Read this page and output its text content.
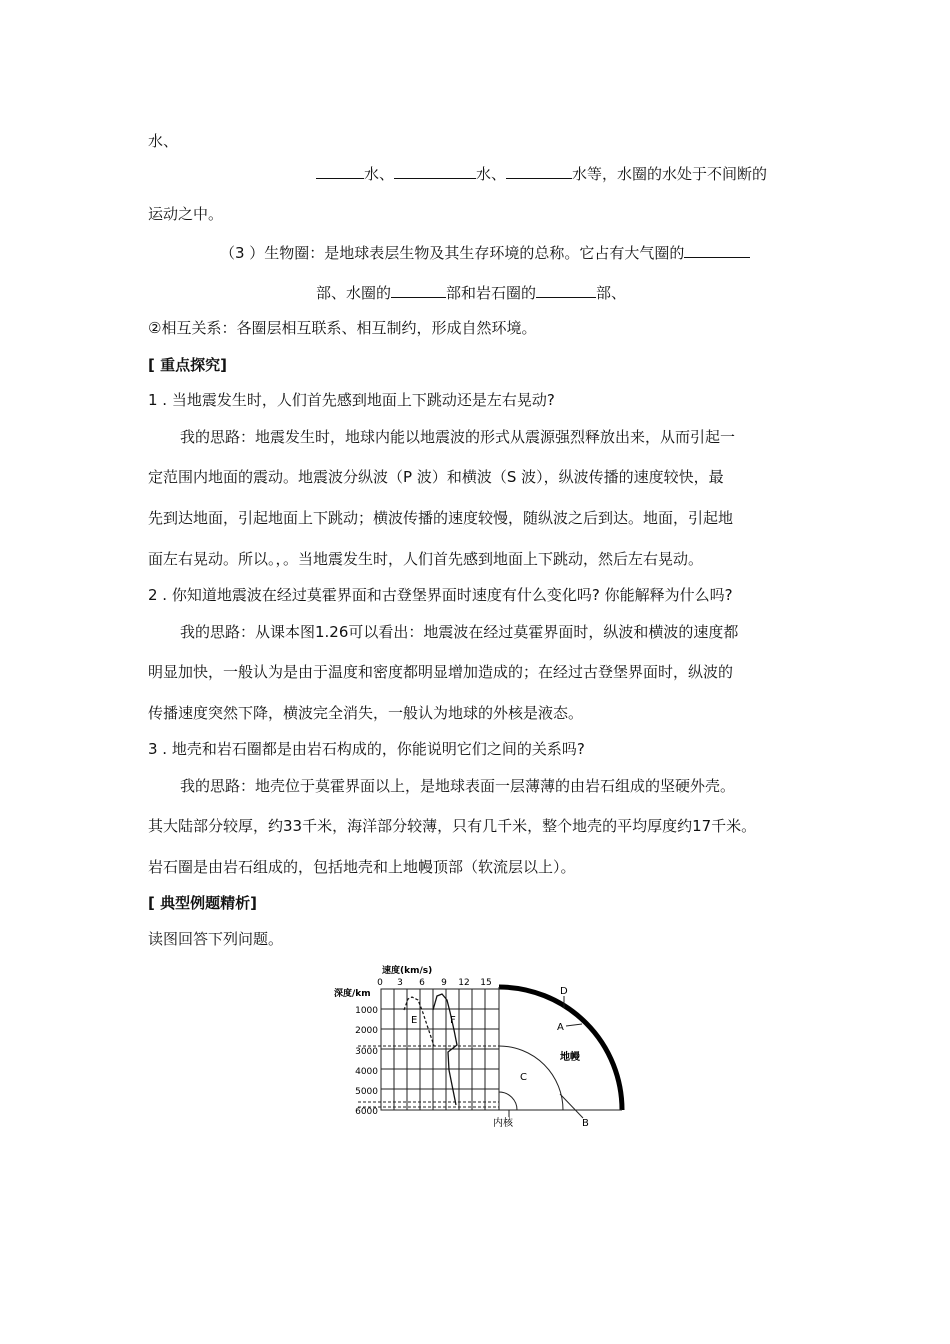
水、
水、	水、	水等，水圈的水处于不间断的
运动之中。
（3 ）生物圈：是地球表层生物及其生存环境的总称。它占有大气圈的
部、水圈的	部和岩石圈的	部、
②相互关系：各圈层相互联系、相互制约，形成自然环境。
[ 重点探究]
1 . 当地震发生时，人们首先感到地面上下跳动还是左右晃动?
我的思路：地震发生时，地球内能以地震波的形式从震源强烈释放出来，从而引起一
定范围内地面的震动。地震波分纵波（P 波）和横波（S 波），纵波传播的速度较快，最
先到达地面，引起地面上下跳动；横波传播的速度较慢，随纵波之后到达。地面，引起地
面左右晃动。所以。，。当地震发生时，人们首先感到地面上下跳动，然后左右晃动。
2 . 你知道地震波在经过莫霍界面和古登堡界面时速度有什么变化吗? 你能解释为什么吗?
我的思路：从课本图1.26可以看出：地震波在经过莫霍界面时，纵波和横波的速度都
明显加快，一般认为是由于温度和密度都明显增加造成的；在经过古登堡界面时，纵波的
传播速度突然下降，横波完全消失，一般认为地球的外核是液态。
3 . 地壳和岩石圈都是由岩石构成的，你能说明它们之间的关系吗?
我的思路：地壳位于莫霍界面以上，是地球表面一层薄薄的由岩石组成的坚硬外壳。
其大陆部分较厚，约33千米，海洋部分较薄，只有几千米，整个地壳的平均厚度约17千米。
岩石圈是由岩石组成的，包括地壳和上地幔顶部（软流层以上）。
[ 典型例题精析]
读图回答下列问题。
速度(km/s)
0 3 6 9 12 15
深度/km
1000
2000
3000
4000
5000
6000
E	F
C
地幔
D
A
B
内核
